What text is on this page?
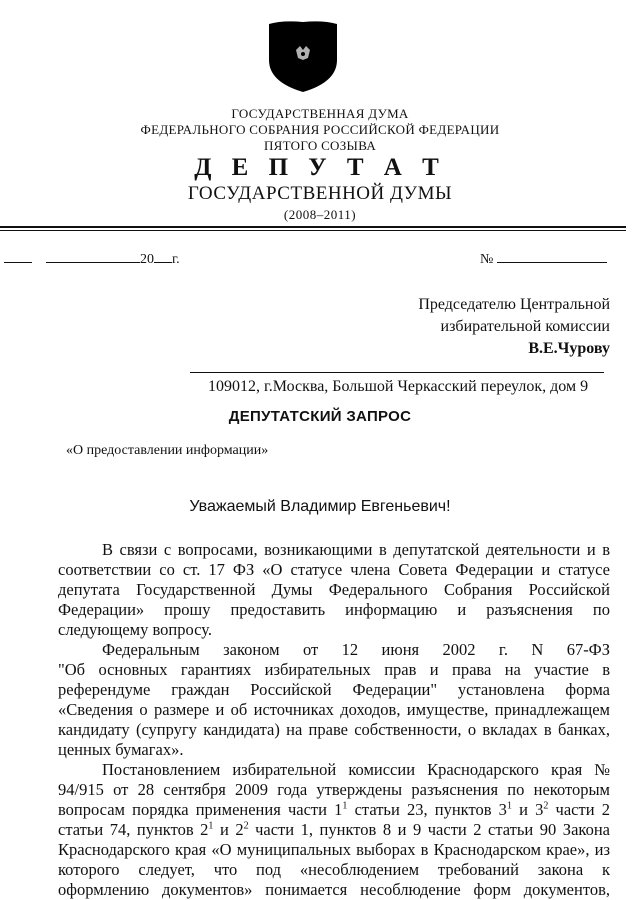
ГОСУДАРСТВЕННАЯ ДУМА
ФЕДЕРАЛЬНОГО СОБРАНИЯ РОССИЙСКОЙ ФЕДЕРАЦИИ
ПЯТОГО СОЗЫВА
Д Е П У Т А Т
ГОСУДАРСТВЕННОЙ ДУМЫ
(2008–2011)
20 г.	№
Председателю Центральной
избирательной комиссии
В.Е.Чурову
109012, г.Москва, Большой Черкасский переулок, дом 9
ДЕПУТАТСКИЙ ЗАПРОС
«О предоставлении информации»
Уважаемый Владимир Евгеньевич!
В связи с вопросами, возникающими в депутатской деятельности и в
соответствии со ст. 17 ФЗ «О статусе члена Совета Федерации и статусе
депутата Государственной Думы Федерального Собрания Российской
Федерации» прошу предоставить информацию и разъяснения по
следующему вопросу.
Федеральным законом от 12 июня 2002 г. N 67-ФЗ
"Об основных гарантиях избирательных прав и права на участие в
референдуме граждан Российской Федерации" установлена форма
«Сведения о размере и об источниках доходов, имуществе, принадлежащем
кандидату (супругу кандидата) на праве собственности, о вкладах в банках,
ценных бумагах».
Постановлением избирательной комиссии Краснодарского края №
94/915 от 28 сентября 2009 года утверждены разъяснения по некоторым
вопросам порядка применения части $1^1$ статьи 23, пунктов $3^1$ и $3^2$ части 2
статьи 74, пунктов $2^1$ и $2^2$ части 1, пунктов 8 и 9 части 2 статьи 90 Закона
Краснодарского края «О муниципальных выборах в Краснодарском крае», из
которого следует, что под «несоблюдением требований закона к
оформлению документов» понимается несоблюдение форм документов,
